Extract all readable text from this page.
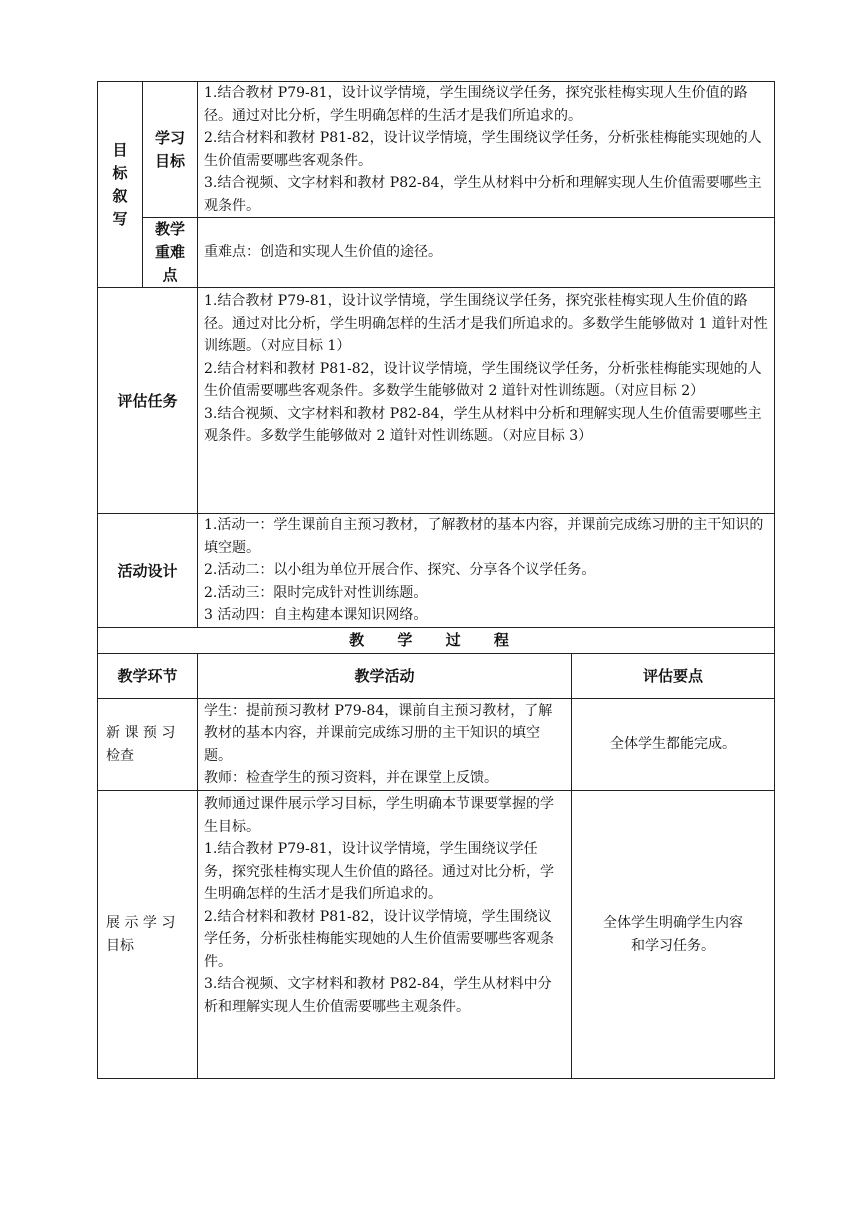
目
标
叙
写	学习
目标	1.结合教材 P79-81，设计议学情境，学生围绕议学任务，探究张桂梅实现人生价值的路径。通过对比分析，学生明确怎样的生活才是我们所追求的。
2.结合材料和教材 P81-82，设计议学情境，学生围绕议学任务，分析张桂梅能实现她的人生价值需要哪些客观条件。
3.结合视频、文字材料和教材 P82-84，学生从材料中分析和理解实现人生价值需要哪些主观条件。	

	教学
重难
点	重难点：创造和实现人生价值的途径。	
评估任务		1.结合教材 P79-81，设计议学情境，学生围绕议学任务，探究张桂梅实现人生价值的路径。通过对比分析，学生明确怎样的生活才是我们所追求的。多数学生能够做对 1 道针对性训练题。（对应目标 1）
2.结合材料和教材 P81-82，设计议学情境，学生围绕议学任务，分析张桂梅能实现她的人生价值需要哪些客观条件。多数学生能够做对 2 道针对性训练题。（对应目标 2）
3.结合视频、文字材料和教材 P82-84，学生从材料中分析和理解实现人生价值需要哪些主观条件。多数学生能够做对 2 道针对性训练题。（对应目标 3）	

活动设计		1.活动一：学生课前自主预习教材，了解教材的基本内容，并课前完成练习册的主干知识的填空题。
2.活动二：以小组为单位开展合作、探究、分享各个议学任务。
2.活动三：限时完成针对性训练题。
3 活动四：自主构建本课知识网络。	

教 学 过 程			
教学环节		教学活动	评估要点

新 课 预 习
检查		学生：提前预习教材 P79-84，课前自主预习教材，了解教材的基本内容，并课前完成练习册的主干知识的填空题。
教师：检查学生的预习资料，并在课堂上反馈。	全体学生都能完成。

展 示 学 习
目标		教师通过课件展示学习目标，学生明确本节课要掌握的学生目标。
1.结合教材 P79-81，设计议学情境，学生围绕议学任务，探究张桂梅实现人生价值的路径。通过对比分析，学生明确怎样的生活才是我们所追求的。
2.结合材料和教材 P81-82，设计议学情境，学生围绕议学任务，分析张桂梅能实现她的人生价值需要哪些客观条件。
3.结合视频、文字材料和教材 P82-84，学生从材料中分析和理解实现人生价值需要哪些主观条件。	全体学生明确学生内容
和学习任务。
